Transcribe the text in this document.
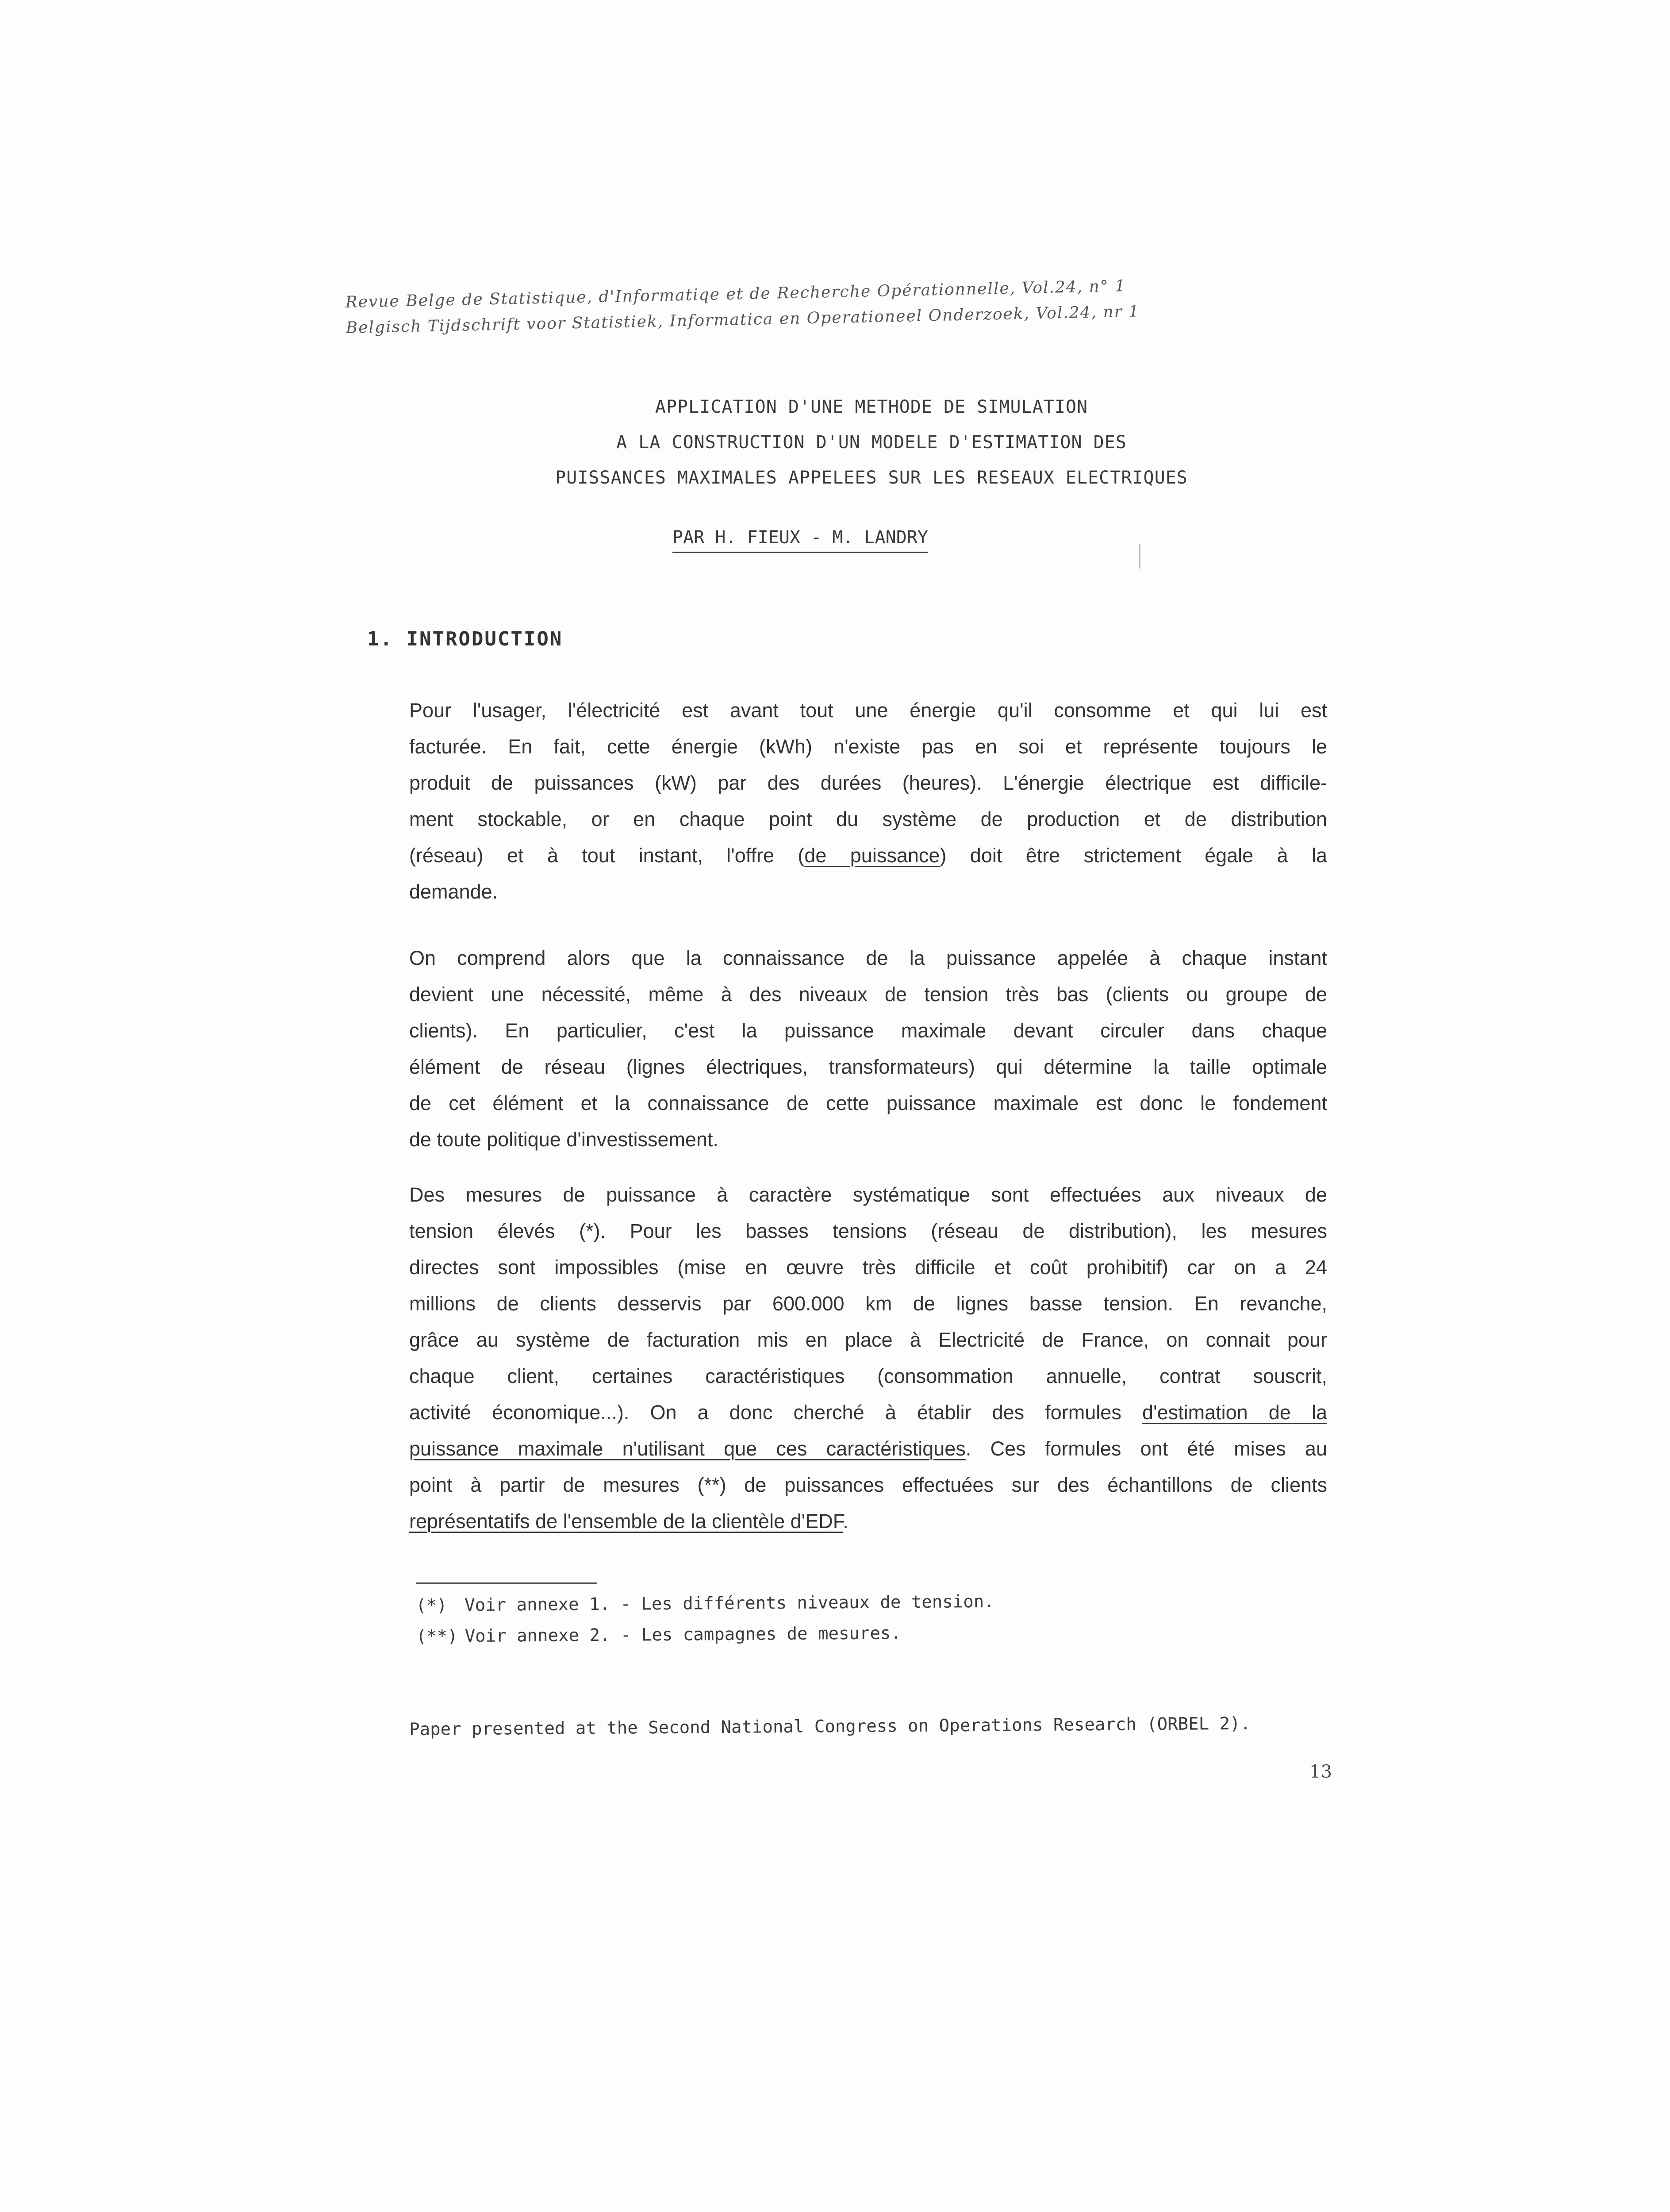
Revue Belge de Statistique, d'Informatiqe et de Recherche Opérationnelle, Vol.24, n° 1
Belgisch Tijdschrift voor Statistiek, Informatica en Operationeel Onderzoek, Vol.24, nr 1
APPLICATION D'UNE METHODE DE SIMULATION
A LA CONSTRUCTION D'UN MODELE D'ESTIMATION DES
PUISSANCES MAXIMALES APPELEES SUR LES RESEAUX ELECTRIQUES
PAR H. FIEUX - M. LANDRY
1. INTRODUCTION
Pour l'usager, l'électricité est avant tout une énergie qu'il consomme et qui lui est
facturée. En fait, cette énergie (kWh) n'existe pas en soi et représente toujours le
produit de puissances (kW) par des durées (heures). L'énergie électrique est difficile-
ment stockable, or en chaque point du système de production et de distribution
(réseau) et à tout instant, l'offre (de puissance) doit être strictement égale à la
demande.
On comprend alors que la connaissance de la puissance appelée à chaque instant
devient une nécessité, même à des niveaux de tension très bas (clients ou groupe de
clients). En particulier, c'est la puissance maximale devant circuler dans chaque
élément de réseau (lignes électriques, transformateurs) qui détermine la taille optimale
de cet élément et la connaissance de cette puissance maximale est donc le fondement
de toute politique d'investissement.
Des mesures de puissance à caractère systématique sont effectuées aux niveaux de
tension élevés (*). Pour les basses tensions (réseau de distribution), les mesures
directes sont impossibles (mise en œuvre très difficile et coût prohibitif) car on a 24
millions de clients desservis par 600.000 km de lignes basse tension. En revanche,
grâce au système de facturation mis en place à Electricité de France, on connait pour
chaque client, certaines caractéristiques (consommation annuelle, contrat souscrit,
activité économique...). On a donc cherché à établir des formules d'estimation de la
puissance maximale n'utilisant que ces caractéristiques. Ces formules ont été mises au
point à partir de mesures (**) de puissances effectuées sur des échantillons de clients
représentatifs de l'ensemble de la clientèle d'EDF.
(*) Voir annexe 1. - Les différents niveaux de tension.
(**) Voir annexe 2. - Les campagnes de mesures.
Paper presented at the Second National Congress on Operations Research (ORBEL 2).
13
